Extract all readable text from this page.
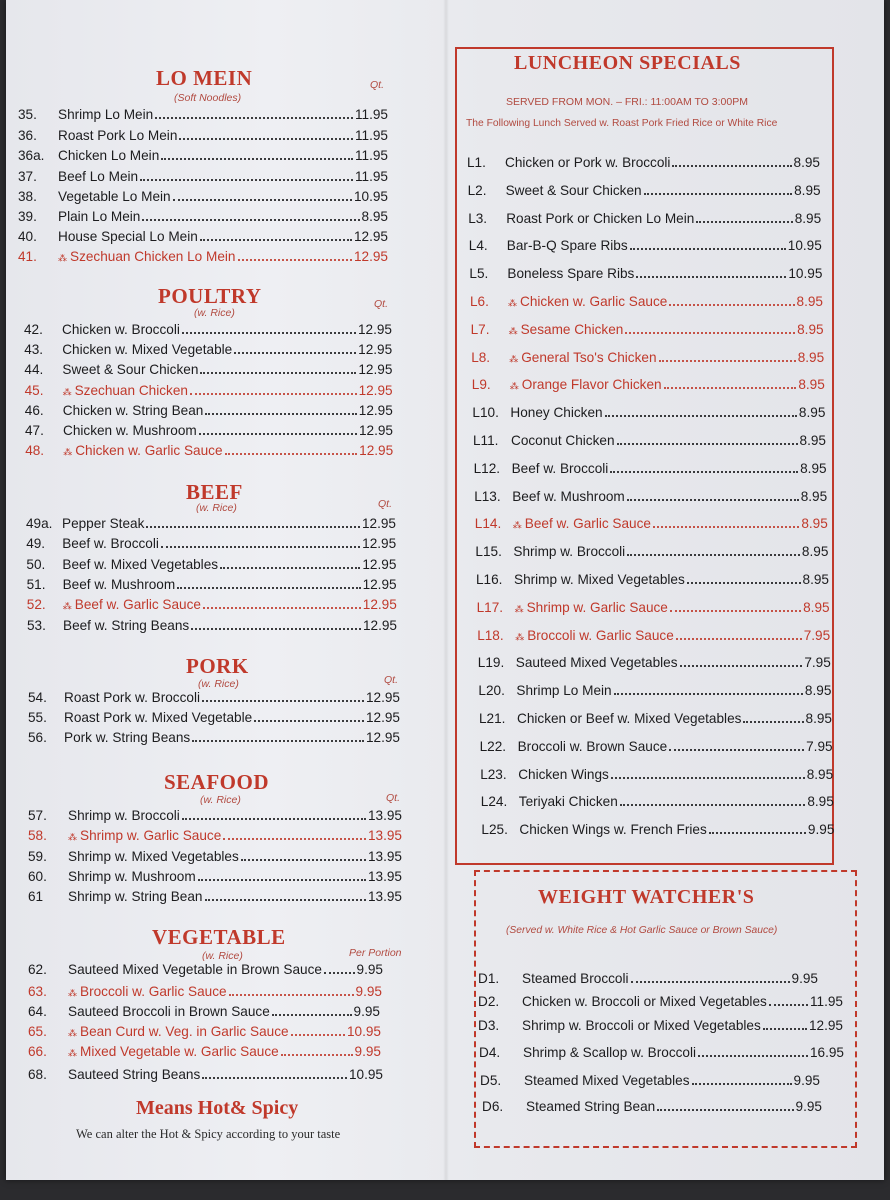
LO MEIN
(Soft Noodles)
Qt.
35.	Shrimp Lo Mein	11.95
36.	Roast Pork Lo Mein	11.95
36a. Chicken Lo Mein	11.95
37.	Beef Lo Mein	11.95
38.	Vegetable Lo Mein	10.95
39.	Plain Lo Mein	8.95
40.	House Special Lo Mein	12.95
41.	⁂ Szechuan Chicken Lo Mein	12.95
POULTRY
(w. Rice)
Qt.
42.	Chicken w. Broccoli	12.95
43.	Chicken w. Mixed Vegetable	12.95
44.	Sweet & Sour Chicken	12.95
45.	⁂ Szechuan Chicken	12.95
46.	Chicken w. String Bean	12.95
47.	Chicken w. Mushroom	12.95
48.	⁂ Chicken w. Garlic Sauce	12.95
BEEF
(w. Rice)	Qt.
49a. Pepper Steak	12.95
49.	Beef w. Broccoli	12.95
50.	Beef w. Mixed Vegetables	12.95
51.	Beef w. Mushroom	12.95
52.	⁂ Beef w. Garlic Sauce	12.95
53.	Beef w. String Beans	12.95
PORK
(w. Rice)	Qt.
54.	Roast Pork w. Broccoli	12.95
55.	Roast Pork w. Mixed Vegetable	12.95
56.	Pork w. String Beans	12.95
SEAFOOD
(w. Rice)	Qt.
57.	Shrimp w. Broccoli	13.95
58.	⁂ Shrimp w. Garlic Sauce	13.95
59.	Shrimp w. Mixed Vegetables	13.95
60.	Shrimp w. Mushroom	13.95
61	Shrimp w. String Bean	13.95
VEGETABLE
(w. Rice)	Per Portion
62.	Sauteed Mixed Vegetable in Brown Sauce	9.95
63.	⁂ Broccoli w. Garlic Sauce	9.95
64.	Sauteed Broccoli in Brown Sauce	9.95
65.	⁂ Bean Curd w. Veg. in Garlic Sauce	10.95
66.	⁂ Mixed Vegetable w. Garlic Sauce	9.95
68.	Sauteed String Beans	10.95
Means Hot& Spicy
We can alter the Hot & Spicy according to your taste
LUNCHEON SPECIALS
SERVED FROM MON. – FRI.: 11:00AM TO 3:00PM
The Following Lunch Served w. Roast Pork Fried Rice or White Rice
L1.	Chicken or Pork w. Broccoli	8.95
L2.	Sweet & Sour Chicken	8.95
L3.	Roast Pork or Chicken Lo Mein	8.95
L4.	Bar-B-Q Spare Ribs	10.95
L5.	Boneless Spare Ribs	10.95
L6.	⁂ Chicken w. Garlic Sauce	8.95
L7.	⁂ Sesame Chicken	8.95
L8.	⁂ General Tso's Chicken	8.95
L9.	⁂ Orange Flavor Chicken	8.95
L10. Honey Chicken	8.95
L11. Coconut Chicken	8.95
L12. Beef w. Broccoli	8.95
L13. Beef w. Mushroom	8.95
L14.	⁂ Beef w. Garlic Sauce	8.95
L15. Shrimp w. Broccoli	8.95
L16. Shrimp w. Mixed Vegetables	8.95
L17.	⁂ Shrimp w. Garlic Sauce	8.95
L18.	⁂ Broccoli w. Garlic Sauce	7.95
L19. Sauteed Mixed Vegetables	7.95
L20. Shrimp Lo Mein	8.95
L21. Chicken or Beef w. Mixed Vegetables	8.95
L22. Broccoli w. Brown Sauce	7.95
L23. Chicken Wings	8.95
L24. Teriyaki Chicken	8.95
L25. Chicken Wings w. French Fries	9.95
WEIGHT WATCHER'S
(Served w. White Rice & Hot Garlic Sauce or Brown Sauce)
D1.	Steamed Broccoli	9.95
D2.	Chicken w. Broccoli or Mixed Vegetables	11.95
D3.	Shrimp w. Broccoli or Mixed Vegetables	12.95
D4.	Shrimp & Scallop w. Broccoli	16.95
D5.	Steamed Mixed Vegetables	9.95
D6.	Steamed String Bean	9.95
